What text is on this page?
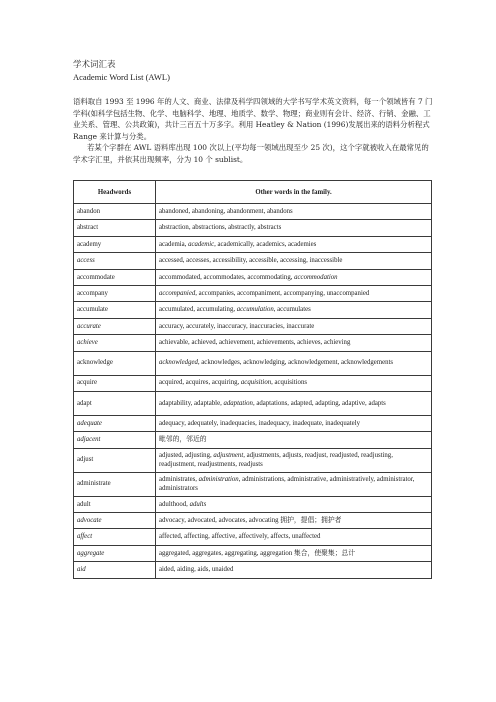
学术词汇表
Academic Word List (AWL)

语料取自 1993 至 1996 年的人文、商业、法律及科学四领域的大学书写学术英文资料，每一个领域皆有 7 门学科(如科学包括生物、化学、电脑科学、地理、地质学、数学、物理；商业则有会计、经济、行销、金融、工业关系、管理、公共政策)，共计三百五十万多字。利用 Heatley & Nation (1996)发展出来的语料分析程式 Range 来计算与分类。

若某个字群在 AWL 语料库出现 100 次以上(平均每一领域出现至少 25 次)，这个字就被收入在最常见的学术字汇里，并依其出现频率，分为 10 个 sublist。

Headwords	Other words in the family.
abandon	abandoned, abandoning, abandonment, abandons
abstract	abstraction, abstractions, abstractly, abstracts
academy	academia, academic, academically, academics, academies
access	accessed, accesses, accessibility, accessible, accessing, inaccessible
accommodate	accommodated, accommodates, accommodating, accommodation
accompany	accompanied, accompanies, accompaniment, accompanying, unaccompanied
accumulate	accumulated, accumulating, accumulation, accumulates
accurate	accuracy, accurately, inaccuracy, inaccuracies, inaccurate
achieve	achievable, achieved, achievement, achievements, achieves, achieving
acknowledge	acknowledged, acknowledges, acknowledging, acknowledgement, acknowledgements
acquire	acquired, acquires, acquiring, acquisition, acquisitions
adapt	adaptability, adaptable, adaptation, adaptations, adapted, adapting, adaptive, adapts
adequate	adequacy, adequately, inadequacies, inadequacy, inadequate, inadequately
adjacent	毗邻的，邻近的
adjust	adjusted, adjusting, adjustment, adjustments, adjusts, readjust, readjusted, readjusting, readjustment, readjustments, readjusts
administrate	administrates, administration, administrations, administrative, administratively, administrator, administrators
adult	adulthood, adults
advocate	advocacy, advocated, advocates, advocating 拥护，提倡；拥护者
affect	affected, affecting, affective, affectively, affects, unaffected
aggregate	aggregated, aggregates, aggregating, aggregation 集合，使聚集；总计
aid	aided, aiding, aids, unaided
